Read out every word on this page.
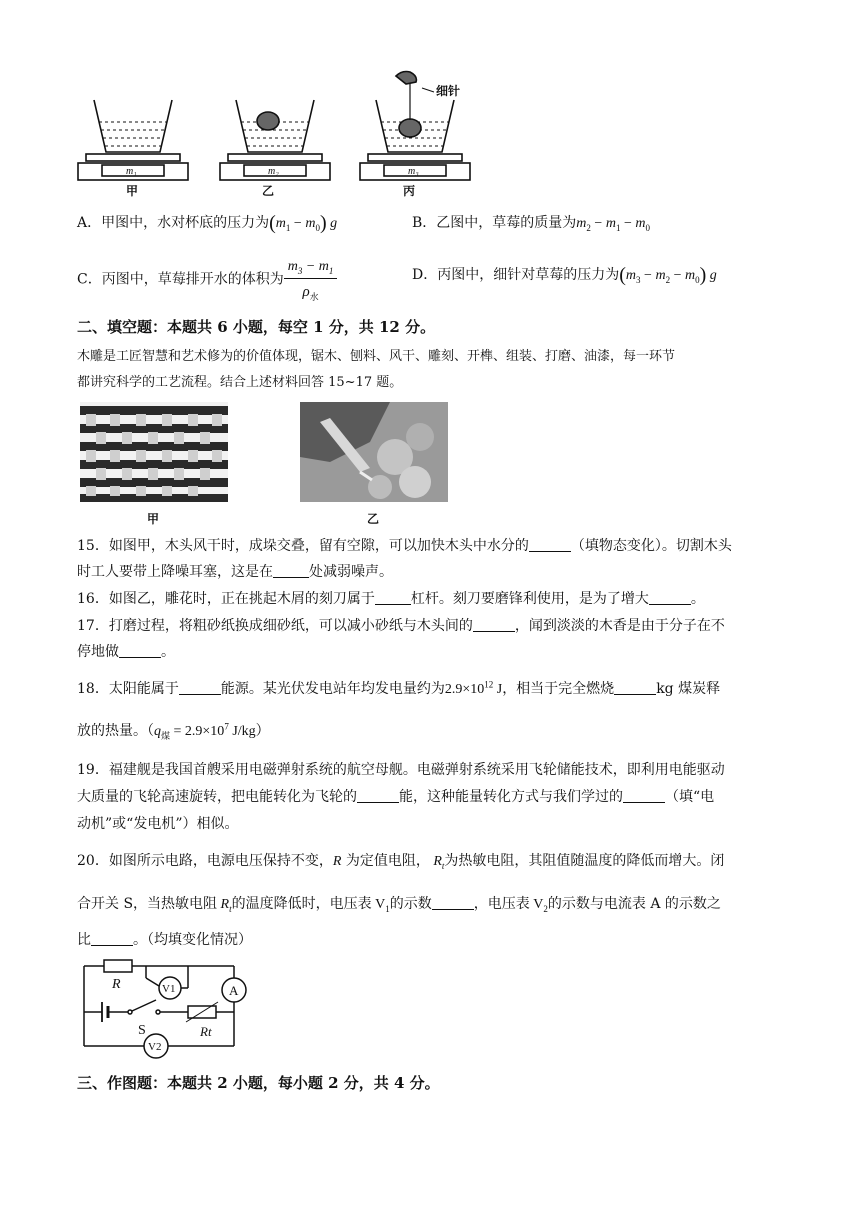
m₁	m₂	m₃
细针
甲	乙	丙
A．甲图中，水对杯底的压力为$(m_1 - m_0)$ g	B．乙图中，草莓的质量为$m_2 - m_1 - m_0$
C．丙图中，草莓排开水的体积为 $\frac{m_3 - m_1}{\rho_水}$	D．丙图中，细针对草莓的压力为$(m_3 - m_2 - m_0)$ g
二、填空题：本题共 6 小题，每空 1 分，共 12 分。
木雕是工匠智慧和艺术修为的价值体现，锯木、刨料、风干、雕刻、开榫、组装、打磨、油漆，每一环节
都讲究科学的工艺流程。结合上述材料回答 15~17 题。
甲	乙
15．如图甲，木头风干时，成垛交叠，留有空隙，可以加快木头中水分的	（填物态变化）。切割木头
时工人要带上降噪耳塞，这是在	处减弱噪声。
16．如图乙，雕花时，正在挑起木屑的刻刀属于	杠杆。刻刀要磨锋利使用，是为了增大	。
17．打磨过程，将粗砂纸换成细砂纸，可以减小砂纸与木头间的	，闻到淡淡的木香是由于分子在不
停地做	。
18．太阳能属于	能源。某光伏发电站年均发电量约为$2.9\times 10^{12}$ J，相当于完全燃烧	kg 煤炭释
放的热量。（$q_煤 = 2.9\times 10^7$ J/kg）
19．福建舰是我国首艘采用电磁弹射系统的航空母舰。电磁弹射系统采用飞轮储能技术，即利用电能驱动
大质量的飞轮高速旋转，把电能转化为飞轮的	能，这种能量转化方式与我们学过的	（填“电
动机”或“发电机”）相似。
20．如图所示电路，电源电压保持不变，R 为定值电阻， $R_t$为热敏电阻，其阻值随温度的降低而增大。闭
合开关 S，当热敏电阻 $R_t$的温度降低时，电压表 $V_1$的示数	，电压表 $V_2$的示数与电流表 A 的示数之
比	。（均填变化情况）
R	V1	A
S	Rt
V2
三、作图题：本题共 2 小题，每小题 2 分，共 4 分。
